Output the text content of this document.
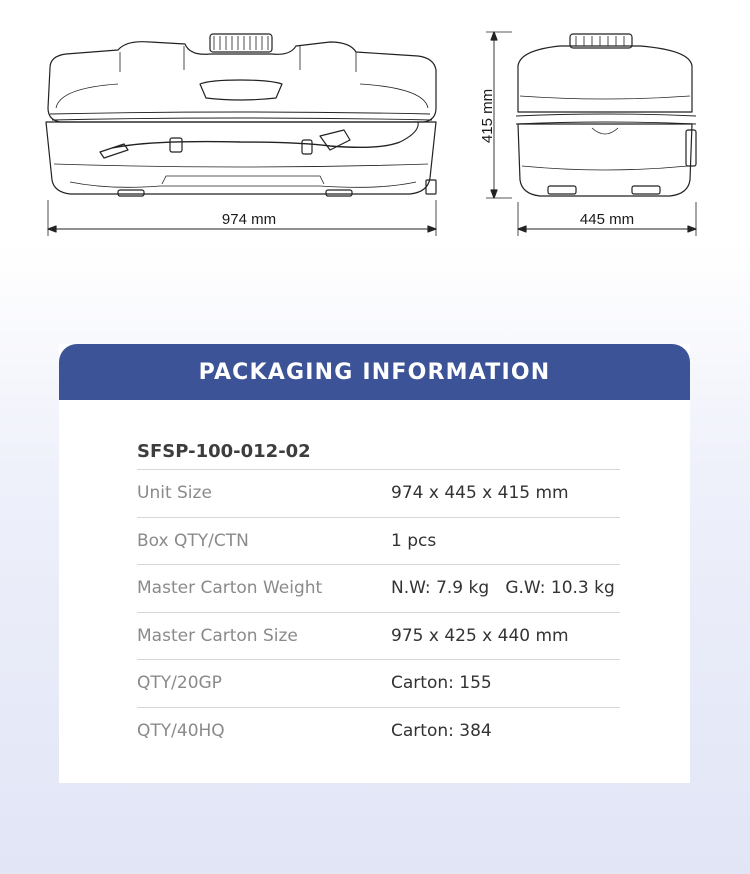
974 mm	445 mm
415 mm
PACKAGING INFORMATION
SFSP-100-012-02
Unit Size	974 x 445 x 415 mm
Box QTY/CTN	1 pcs
Master Carton Weight	N.W: 7.9 kg   G.W: 10.3 kg
Master Carton Size	975 x 425 x 440 mm
QTY/20GP	Carton: 155
QTY/40HQ	Carton: 384
